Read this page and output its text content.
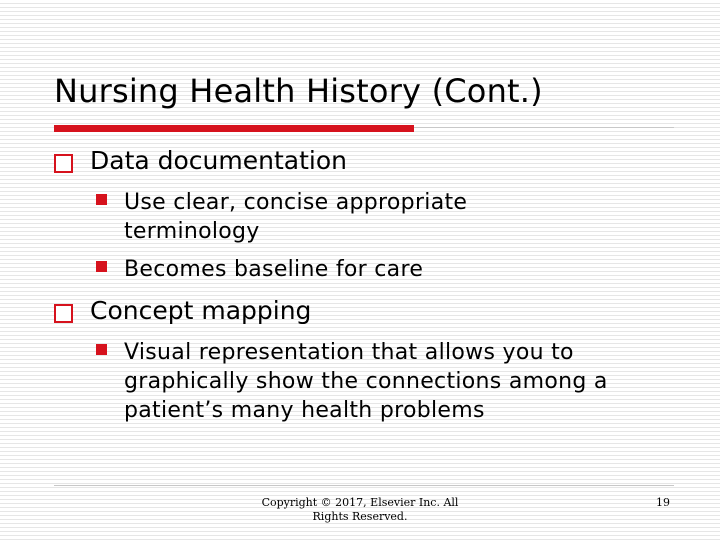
Nursing Health History (Cont.)
Data documentation
Use clear, concise appropriate terminology
Becomes baseline for care
Concept mapping
Visual representation that allows you to graphically show the connections among a patient’s many health problems
Copyright © 2017, Elsevier Inc. All Rights Reserved.
19
